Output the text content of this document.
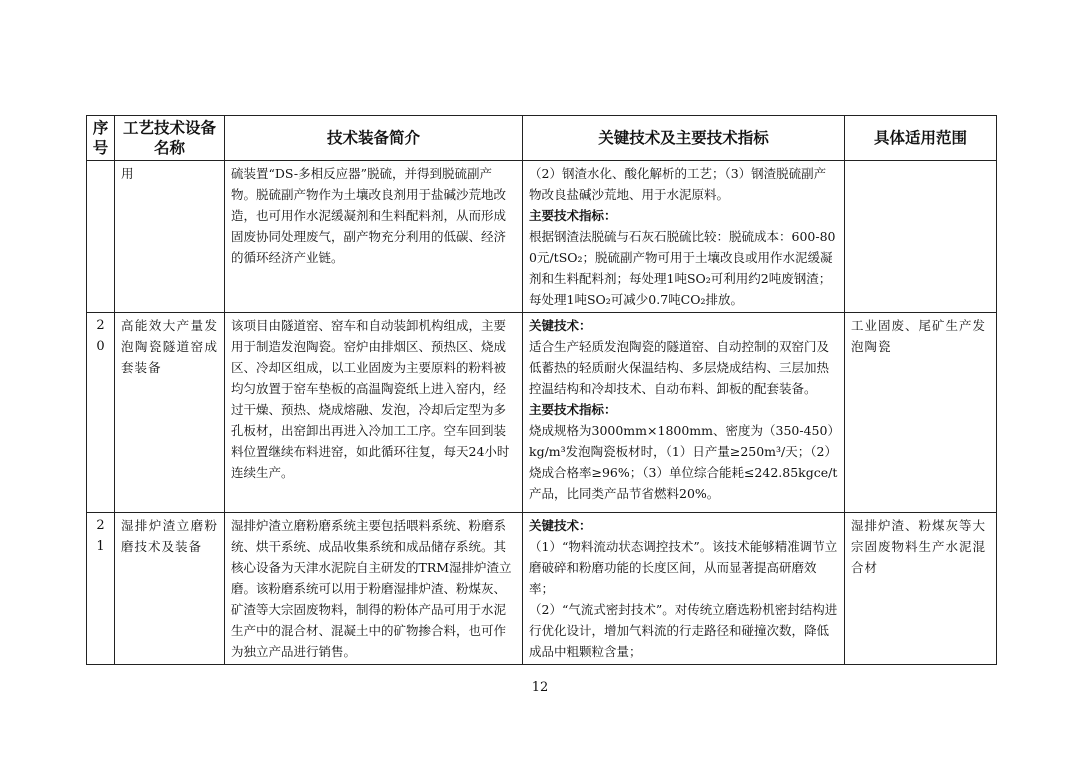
序号	工艺技术设备名称	技术装备简介	关键技术及主要技术指标	具体适用范围
	用	硫装置“DS-多相反应器”脱硫，并得到脱硫副产物。脱硫副产物作为土壤改良剂用于盐碱沙荒地改造，也可用作水泥缓凝剂和生料配料剂，从而形成固废协同处理废气，副产物充分利用的低碳、经济的循环经济产业链。	（2）钢渣水化、酸化解析的工艺；（3）钢渣脱硫副产物改良盐碱沙荒地、用于水泥原料。
主要技术指标：
根据钢渣法脱硫与石灰石脱硫比较：脱硫成本：600-800元/tSO₂；脱硫副产物可用于土壤改良或用作水泥缓凝剂和生料配料剂；每处理1吨SO₂可利用约2吨废钢渣；每处理1吨SO₂可减少0.7吨CO₂排放。	

20	高能效大产量发泡陶瓷隧道窑成套装备	该项目由隧道窑、窑车和自动装卸机构组成，主要用于制造发泡陶瓷。窑炉由排烟区、预热区、烧成区、冷却区组成，以工业固废为主要原料的粉料被均匀放置于窑车垫板的高温陶瓷纸上进入窑内，经过干燥、预热、烧成熔融、发泡，冷却后定型为多孔板材，出窑卸出再进入冷加工工序。空车回到装料位置继续布料进窑，如此循环往复，每天24小时连续生产。	关键技术：
适合生产轻质发泡陶瓷的隧道窑、自动控制的双窑门及低蓄热的轻质耐火保温结构、多层烧成结构、三层加热控温结构和冷却技术、自动布料、卸板的配套装备。
主要技术指标：
烧成规格为3000mm×1800mm、密度为（350-450）kg/m³发泡陶瓷板材时，（1）日产量≥250m³/天；（2）烧成合格率≥96%；（3）单位综合能耗≤242.85kgce/t产品，比同类产品节省燃料20%。	工业固废、尾矿生产发泡陶瓷
21	湿排炉渣立磨粉磨技术及装备	湿排炉渣立磨粉磨系统主要包括喂料系统、粉磨系统、烘干系统、成品收集系统和成品储存系统。其核心设备为天津水泥院自主研发的TRM湿排炉渣立磨。该粉磨系统可以用于粉磨湿排炉渣、粉煤灰、矿渣等大宗固废物料，制得的粉体产品可用于水泥生产中的混合材、混凝土中的矿物掺合料，也可作为独立产品进行销售。	关键技术：
（1）“物料流动状态调控技术”。该技术能够精准调节立磨破碎和粉磨功能的长度区间，从而显著提高研磨效率；
（2）“气流式密封技术”。对传统立磨选粉机密封结构进行优化设计，增加气料流的行走路径和碰撞次数，降低成品中粗颗粒含量；	湿排炉渣、粉煤灰等大宗固废物料生产水泥混合材
12
